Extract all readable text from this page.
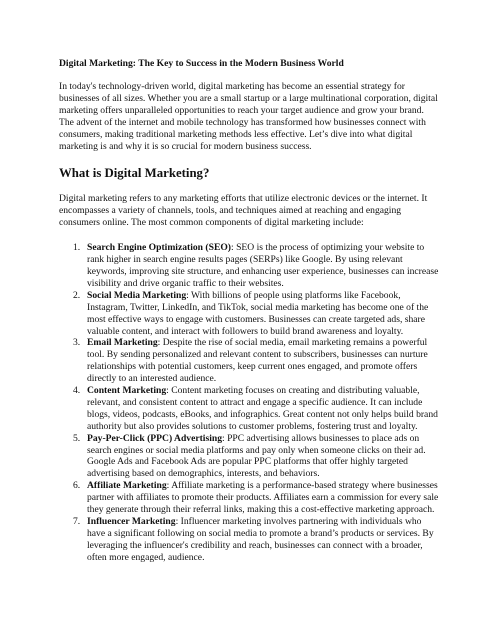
Digital Marketing: The Key to Success in the Modern Business World

In today's technology-driven world, digital marketing has become an essential strategy for businesses of all sizes. Whether you are a small startup or a large multinational corporation, digital marketing offers unparalleled opportunities to reach your target audience and grow your brand. The advent of the internet and mobile technology has transformed how businesses connect with consumers, making traditional marketing methods less effective. Let’s dive into what digital marketing is and why it is so crucial for modern business success.

What is Digital Marketing?

Digital marketing refers to any marketing efforts that utilize electronic devices or the internet. It encompasses a variety of channels, tools, and techniques aimed at reaching and engaging consumers online. The most common components of digital marketing include:

1. Search Engine Optimization (SEO): SEO is the process of optimizing your website to rank higher in search engine results pages (SERPs) like Google. By using relevant keywords, improving site structure, and enhancing user experience, businesses can increase visibility and drive organic traffic to their websites.
2. Social Media Marketing: With billions of people using platforms like Facebook, Instagram, Twitter, LinkedIn, and TikTok, social media marketing has become one of the most effective ways to engage with customers. Businesses can create targeted ads, share valuable content, and interact with followers to build brand awareness and loyalty.
3. Email Marketing: Despite the rise of social media, email marketing remains a powerful tool. By sending personalized and relevant content to subscribers, businesses can nurture relationships with potential customers, keep current ones engaged, and promote offers directly to an interested audience.
4. Content Marketing: Content marketing focuses on creating and distributing valuable, relevant, and consistent content to attract and engage a specific audience. It can include blogs, videos, podcasts, eBooks, and infographics. Great content not only helps build brand authority but also provides solutions to customer problems, fostering trust and loyalty.
5. Pay-Per-Click (PPC) Advertising: PPC advertising allows businesses to place ads on search engines or social media platforms and pay only when someone clicks on their ad. Google Ads and Facebook Ads are popular PPC platforms that offer highly targeted advertising based on demographics, interests, and behaviors.
6. Affiliate Marketing: Affiliate marketing is a performance-based strategy where businesses partner with affiliates to promote their products. Affiliates earn a commission for every sale they generate through their referral links, making this a cost-effective marketing approach.
7. Influencer Marketing: Influencer marketing involves partnering with individuals who have a significant following on social media to promote a brand’s products or services. By leveraging the influencer's credibility and reach, businesses can connect with a broader, often more engaged, audience.
